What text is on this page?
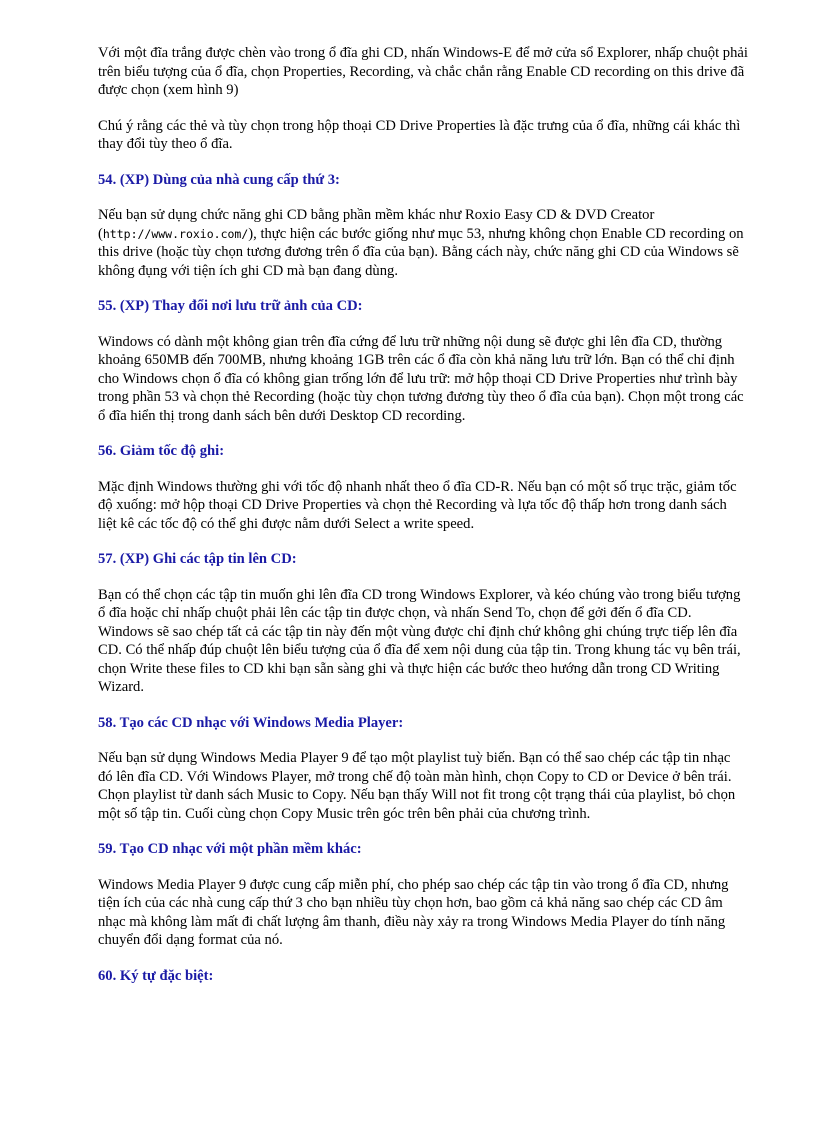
Với một đĩa trắng được chèn vào trong ổ đĩa ghi CD, nhấn Windows-E để mở cửa sổ Explorer, nhấp chuột phải trên biểu tượng của ổ đĩa, chọn Properties, Recording, và chắc chắn rằng Enable CD recording on this drive đã được chọn (xem hình 9)

Chú ý rằng các thẻ và tùy chọn trong hộp thoại CD Drive Properties là đặc trưng của ổ đĩa, những cái khác thì thay đổi tùy theo ổ đĩa.

54. (XP) Dùng của nhà cung cấp thứ 3:

Nếu bạn sử dụng chức năng ghi CD bằng phần mềm khác như Roxio Easy CD & DVD Creator (http://www.roxio.com/), thực hiện các bước giống như mục 53, nhưng không chọn Enable CD recording on this drive (hoặc tùy chọn tương đương trên ổ đĩa của bạn). Bằng cách này, chức năng ghi CD của Windows sẽ không đụng với tiện ích ghi CD mà bạn đang dùng.

55. (XP) Thay đổi nơi lưu trữ ảnh của CD:

Windows có dành một không gian trên đĩa cứng để lưu trữ những nội dung sẽ được ghi lên đĩa CD, thường khoảng 650MB đến 700MB, nhưng khoảng 1GB trên các ổ đĩa còn khả năng lưu trữ lớn. Bạn có thể chỉ định cho Windows chọn ổ đĩa có không gian trống lớn để lưu trữ: mở hộp thoại CD Drive Properties như trình bày trong phần 53 và chọn thẻ Recording (hoặc tùy chọn tương đương tùy theo ổ đĩa của bạn). Chọn một trong các ổ đĩa hiển thị trong danh sách bên dưới Desktop CD recording.

56. Giảm tốc độ ghi:

Mặc định Windows thường ghi với tốc độ nhanh nhất theo ổ đĩa CD-R. Nếu bạn có một số trục trặc, giảm tốc độ xuống: mở hộp thoại CD Drive Properties và chọn thẻ Recording và lựa tốc độ thấp hơn trong danh sách liệt kê các tốc độ có thể ghi được nằm dưới Select a write speed.

57. (XP) Ghi các tập tin lên CD:

Bạn có thể chọn các tập tin muốn ghi lên đĩa CD trong Windows Explorer, và kéo chúng vào trong biểu tượng ổ đĩa hoặc chỉ nhấp chuột phải lên các tập tin được chọn, và nhấn Send To, chọn để gởi đến ổ đĩa CD. Windows sẽ sao chép tất cả các tập tin này đến một vùng được chỉ định chứ không ghi chúng trực tiếp lên đĩa CD. Có thể nhấp đúp chuột lên biểu tượng của ổ đĩa để xem nội dung của tập tin. Trong khung tác vụ bên trái, chọn Write these files to CD khi bạn sẵn sàng ghi và thực hiện các bước theo hướng dẫn trong CD Writing Wizard.

58. Tạo các CD nhạc với Windows Media Player:

Nếu bạn sử dụng Windows Media Player 9 để tạo một playlist tuỳ biến. Bạn có thể sao chép các tập tin nhạc đó lên đĩa CD. Với Windows Player, mở trong chế độ toàn màn hình, chọn Copy to CD or Device ở bên trái. Chọn playlist từ danh sách Music to Copy. Nếu bạn thấy Will not fit trong cột trạng thái của playlist, bỏ chọn một số tập tin. Cuối cùng chọn Copy Music trên góc trên bên phải của chương trình.

59. Tạo CD nhạc với một phần mềm khác:

Windows Media Player 9 được cung cấp miễn phí, cho phép sao chép các tập tin vào trong ổ đĩa CD, nhưng tiện ích của các nhà cung cấp thứ 3 cho bạn nhiều tùy chọn hơn, bao gồm cả khả năng sao chép các CD âm nhạc mà không làm mất đi chất lượng âm thanh, điều này xảy ra trong Windows Media Player do tính năng chuyển đổi dạng format của nó.

60. Ký tự đặc biệt:
